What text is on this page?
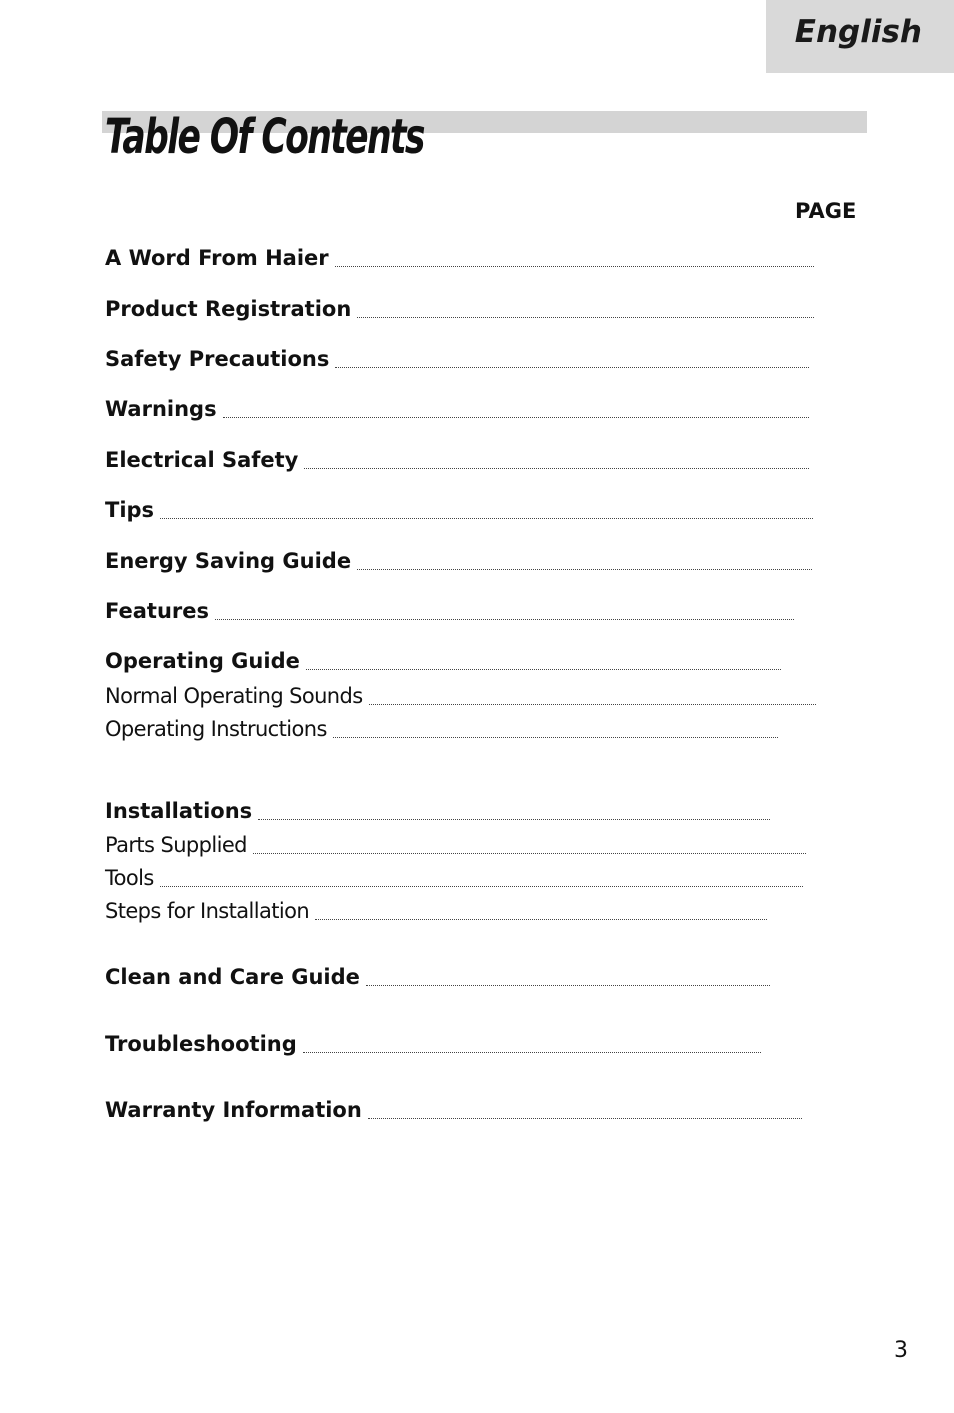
English
Table Of Contents
PAGE
A Word From Haier
Product Registration
Safety Precautions
Warnings
Electrical Safety
Tips
Energy Saving Guide
Features
Operating Guide
Normal Operating Sounds
Operating Instructions
Installations
Parts Supplied
Tools
Steps for Installation
Clean and Care Guide
Troubleshooting
Warranty Information
3
